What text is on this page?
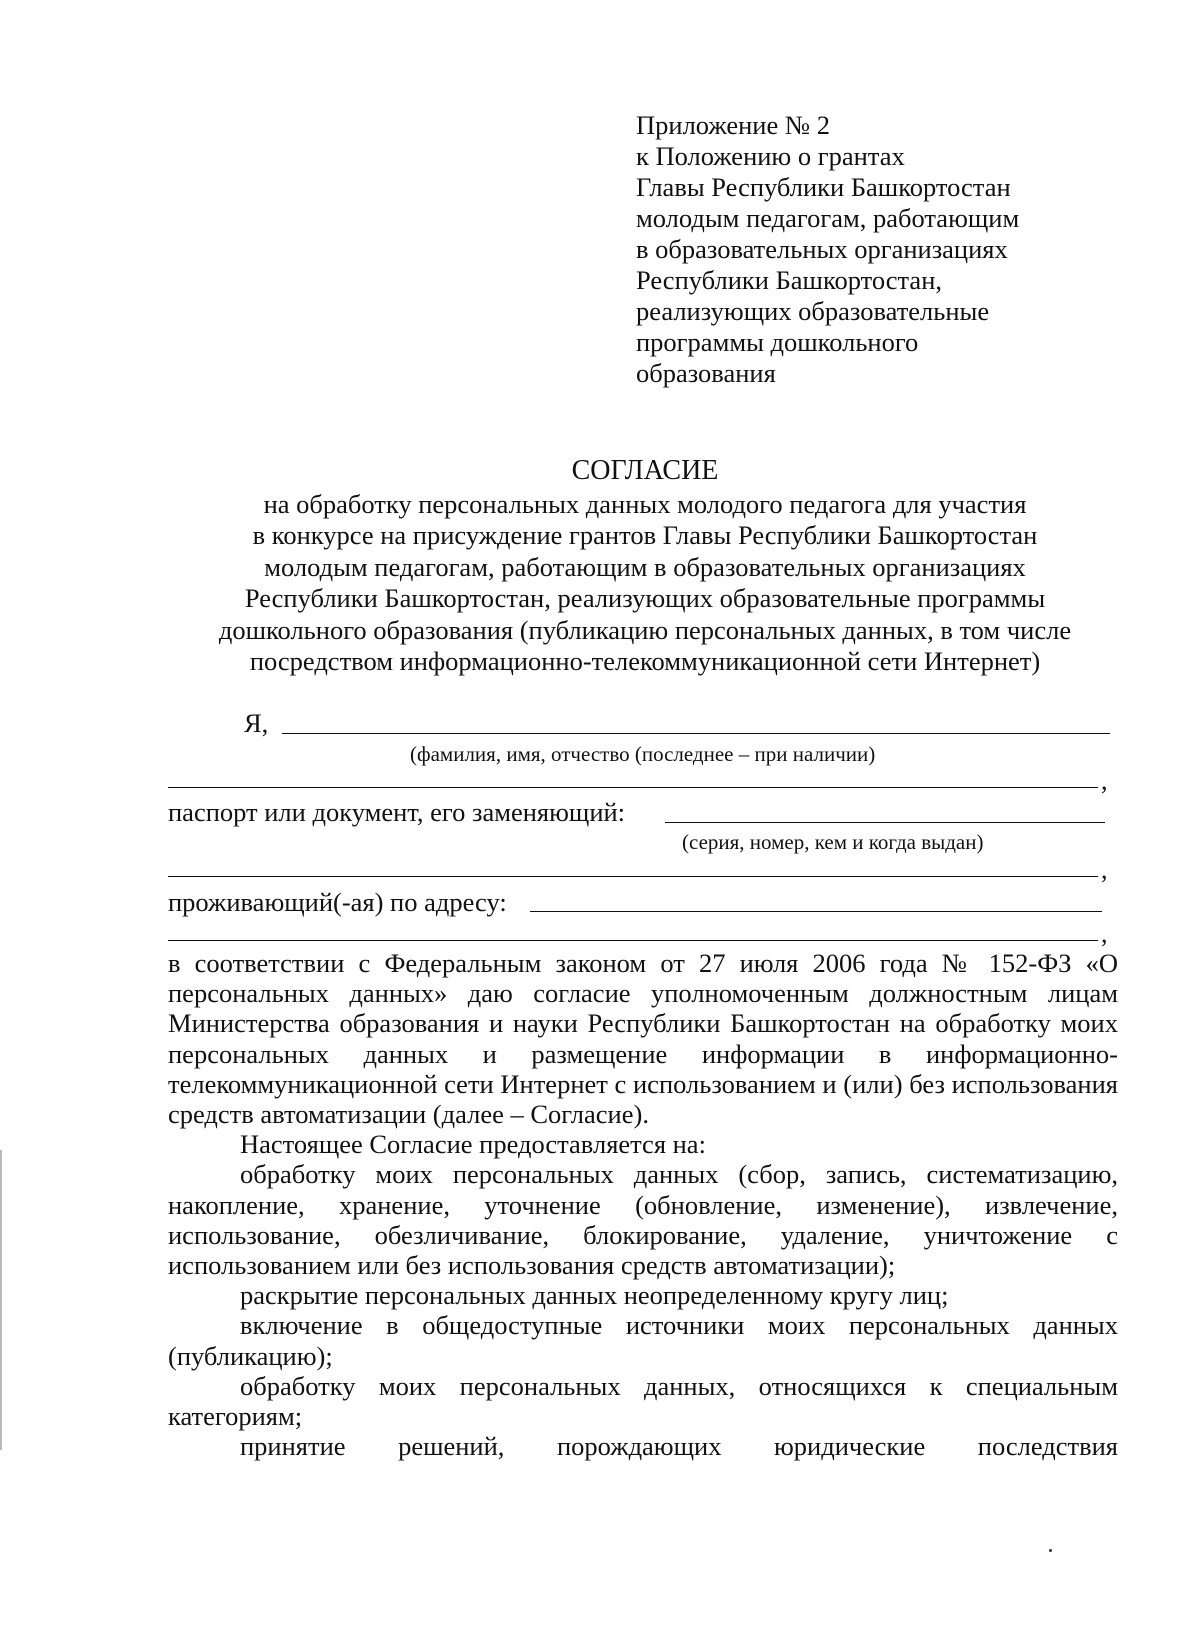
Приложение № 2
к Положению о грантах
Главы Республики Башкортостан
молодым педагогам, работающим
в образовательных организациях
Республики Башкортостан,
реализующих образовательные
программы дошкольного
образования
СОГЛАСИЕ
на обработку персональных данных молодого педагога для участия
в конкурсе на присуждение грантов Главы Республики Башкортостан
молодым педагогам, работающим в образовательных организациях
Республики Башкортостан, реализующих образовательные программы
дошкольного образования (публикацию персональных данных, в том числе
посредством информационно-телекоммуникационной сети Интернет)
Я,
(фамилия, имя, отчество (последнее – при наличии)
,
паспорт или документ, его заменяющий:
(серия, номер, кем и когда выдан)
,
проживающий(-ая) по адресу:
,

в соответствии с Федеральным законом от 27 июля 2006 года № 152-ФЗ «О персональных данных» даю согласие уполномоченным должностным лицам Министерства образования и науки Республики Башкортостан на обработку моих персональных данных и размещение информации в информационно-телекоммуникационной сети Интернет с использованием и (или) без использования средств автоматизации (далее – Согласие).

Настоящее Согласие предоставляется на:

обработку моих персональных данных (сбор, запись, систематизацию, накопление, хранение, уточнение (обновление, изменение), извлечение, использование, обезличивание, блокирование, удаление, уничтожение с использованием или без использования средств автоматизации);

раскрытие персональных данных неопределенному кругу лиц;

включение в общедоступные источники моих персональных данных (публикацию);

обработку моих персональных данных, относящихся к специальным категориям;

принятие решений, порождающих юридические последствия
